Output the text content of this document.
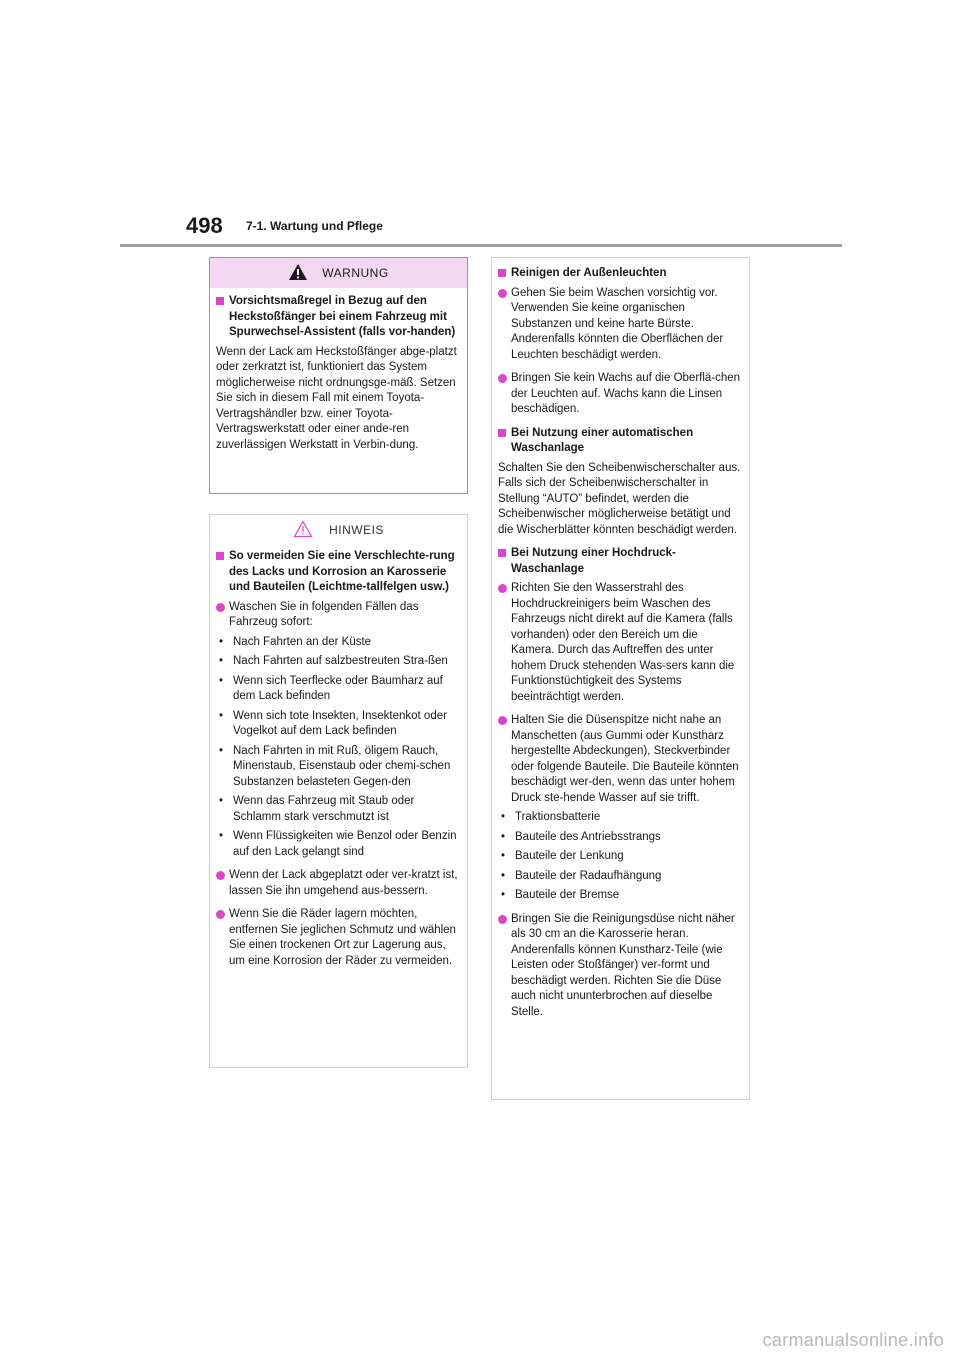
498 7-1. Wartung und Pflege
WARNUNG
Vorsichtsmaßregel in Bezug auf den Heckstoßfänger bei einem Fahrzeug mit Spurwechsel-Assistent (falls vor-handen)
Wenn der Lack am Heckstoßfänger abge-platzt oder zerkratzt ist, funktioniert das System möglicherweise nicht ordnungsge-mäß. Setzen Sie sich in diesem Fall mit einem Toyota-Vertragshändler bzw. einer Toyota-Vertragswerkstatt oder einer ande-ren zuverlässigen Werkstatt in Verbin-dung.
HINWEIS
So vermeiden Sie eine Verschlechte-rung des Lacks und Korrosion an Karosserie und Bauteilen (Leichtme-tallfelgen usw.)
Waschen Sie in folgenden Fällen das Fahrzeug sofort:
• Nach Fahrten an der Küste
• Nach Fahrten auf salzbestreuten Stra-ßen
• Wenn sich Teerflecke oder Baumharz auf dem Lack befinden
• Wenn sich tote Insekten, Insektenkot oder Vogelkot auf dem Lack befinden
• Nach Fahrten in mit Ruß, öligem Rauch, Minenstaub, Eisenstaub oder chemi-schen Substanzen belasteten Gegen-den
• Wenn das Fahrzeug mit Staub oder Schlamm stark verschmutzt ist
• Wenn Flüssigkeiten wie Benzol oder Benzin auf den Lack gelangt sind
Wenn der Lack abgeplatzt oder ver-kratzt ist, lassen Sie ihn umgehend aus-bessern.
Wenn Sie die Räder lagern möchten, entfernen Sie jeglichen Schmutz und wählen Sie einen trockenen Ort zur Lagerung aus, um eine Korrosion der Räder zu vermeiden.
Reinigen der Außenleuchten
Gehen Sie beim Waschen vorsichtig vor. Verwenden Sie keine organischen Substanzen und keine harte Bürste. Anderenfalls könnten die Oberflächen der Leuchten beschädigt werden.
Bringen Sie kein Wachs auf die Oberflä-chen der Leuchten auf. Wachs kann die Linsen beschädigen.
Bei Nutzung einer automatischen Waschanlage
Schalten Sie den Scheibenwischerschalter aus. Falls sich der Scheibenwischerschalter in Stellung “AUTO” befindet, werden die Scheibenwischer möglicherweise betätigt und die Wischerblätter könnten beschädigt werden.
Bei Nutzung einer Hochdruck-Waschanlage
Richten Sie den Wasserstrahl des Hochdruckreinigers beim Waschen des Fahrzeugs nicht direkt auf die Kamera (falls vorhanden) oder den Bereich um die Kamera. Durch das Auftreffen des unter hohem Druck stehenden Was-sers kann die Funktionstüchtigkeit des Systems beeinträchtigt werden.
Halten Sie die Düsenspitze nicht nahe an Manschetten (aus Gummi oder Kunstharz hergestellte Abdeckungen), Steckverbinder oder folgende Bauteile. Die Bauteile könnten beschädigt wer-den, wenn das unter hohem Druck ste-hende Wasser auf sie trifft.
• Traktionsbatterie
• Bauteile des Antriebsstrangs
• Bauteile der Lenkung
• Bauteile der Radaufhängung
• Bauteile der Bremse
Bringen Sie die Reinigungsdüse nicht näher als 30 cm an die Karosserie heran. Anderenfalls können Kunstharz-Teile (wie Leisten oder Stoßfänger) ver-formt und beschädigt werden. Richten Sie die Düse auch nicht ununterbrochen auf dieselbe Stelle.
carmanualsonline.info
